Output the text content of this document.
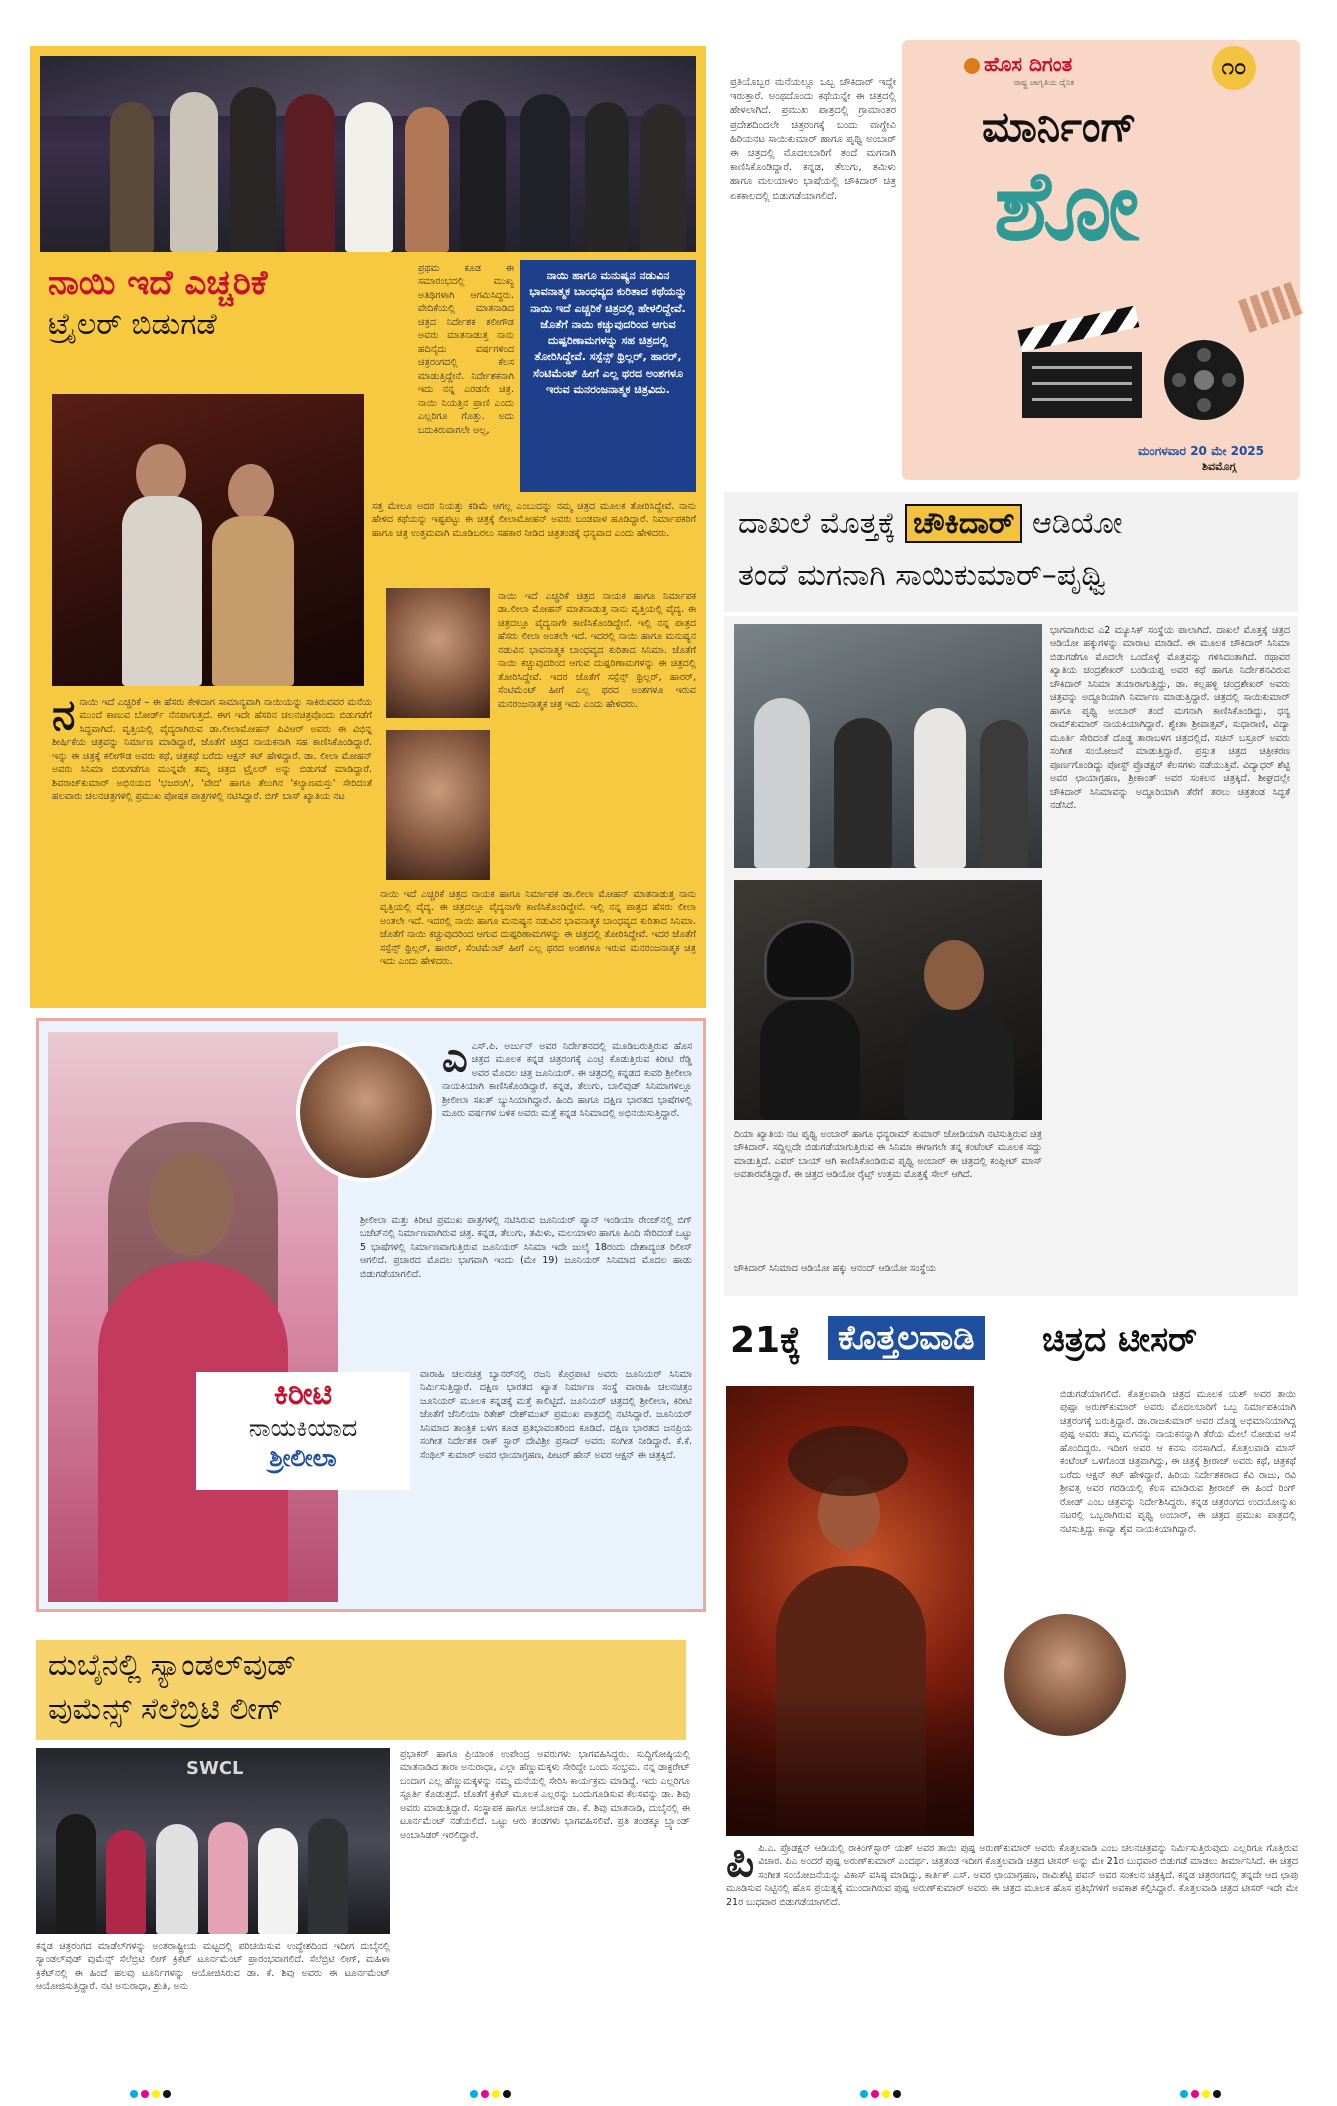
ನಾಯಿ ಇದೆ ಎಚ್ಚರಿಕೆ
ಟ್ರೈಲರ್ ಬಿಡುಗಡೆ

ನಾಯಿ ಹಾಗೂ ಮನುಷ್ಯನ ನಡುವಿನ ಭಾವನಾತ್ಮಕ ಬಾಂಧವ್ಯದ ಕುರಿತಾದ ಕಥೆಯನ್ನು ನಾಯಿ ಇದೆ ಎಚ್ಚರಿಕೆ ಚಿತ್ರದಲ್ಲಿ ಹೇಳಲಿದ್ದೇವೆ. ಜೊತೆಗೆ ನಾಯಿ ಕಚ್ಚುವುದರಿಂದ ಆಗುವ ದುಷ್ಪರಿಣಾಮಗಳನ್ನು ಸಹ ಚಿತ್ರದಲ್ಲಿ ತೋರಿಸಿದ್ದೇವೆ. ಸಸ್ಪೆನ್ಸ್ ಥ್ರಿಲ್ಲರ್, ಹಾರರ್, ಸೆಂಟಿಮೆಂಟ್ ಹೀಗೆ ಎಲ್ಲ ಥರದ ಅಂಶಗಳೂ ಇರುವ ಮನರಂಜನಾತ್ಮಕ ಚಿತ್ರವಿದು.

ಪ್ರಥಮ ಕೂಡ ಈ ಸಮಾರಂಭದಲ್ಲಿ ಮುಖ್ಯ ಅತಿಥಿಗಳಾಗಿ ಆಗಮಿಸಿದ್ದರು. ವೇದಿಕೆಯಲ್ಲಿ ಮಾತನಾಡಿದ ಚಿತ್ರದ ನಿರ್ದೇಶಕ ಕಲೀಗೌಡ ಅವರು ಮಾತನಾಡುತ್ತ ನಾನು ಹದಿನೈದು ವರ್ಷಗಳಿಂದ ಚಿತ್ರರಂಗದಲ್ಲಿ ಕೆಲಸ ಮಾಡುತ್ತಿದ್ದೇನೆ. ನಿರ್ದೇಶಕನಾಗಿ ಇದು ನನ್ನ ಎರಡನೇ ಚಿತ್ರ. ನಾಯಿ ನಿಯತ್ತಿನ ಪ್ರಾಣಿ ಎಂದು ಎಲ್ಲರಿಗೂ ಗೊತ್ತು. ಅದು ಬದುಕಿರುವಾಗಲೇ ಅಲ್ಲ,
ಸತ್ತ ಮೇಲೂ ಅದರ ನಿಯತ್ತು ಕಡಿಮೆ ಆಗಲ್ಲ ಎಂಬುದನ್ನು ನಮ್ಮ ಚಿತ್ರದ ಮೂಲಕ ತೋರಿಸಿದ್ದೇವೆ. ನಾನು ಹೇಳಿದ ಕಥೆಯನ್ನು ಇಷ್ಟಪಟ್ಟು ಈ ಚಿತ್ರಕ್ಕೆ ಲೀಲಾಮೋಹನ್ ಅವರು ಬಂಡವಾಳ ಹೂಡಿದ್ದಾರೆ. ನಿರ್ಮಾಪಕರಿಗೆ ಹಾಗೂ ಚಿತ್ರ ಉತ್ತಮವಾಗಿ ಮೂಡಿಬರಲು ಸಹಕಾರ ನೀಡಿದ ಚಿತ್ರತಂಡಕ್ಕೆ ಧನ್ಯವಾದ ಎಂದು ಹೇಳಿದರು.
ನಾಯಿ ಇದೆ ಎಚ್ಚರಿಕೆ ಚಿತ್ರದ ನಾಯಕ ಹಾಗೂ ನಿರ್ಮಾಪಕ ಡಾ.ಲೀಲಾ ಮೋಹನ್ ಮಾತನಾಡುತ್ತ ನಾನು ವೃತ್ತಿಯಲ್ಲಿ ವೈದ್ಯ. ಈ ಚಿತ್ರದಲ್ಲೂ ವೈದ್ಯನಾಗೇ ಕಾಣಿಸಿಕೊಂಡಿದ್ದೇನೆ. ಇಲ್ಲಿ ನನ್ನ ಪಾತ್ರದ ಹೆಸರು ಲೀಲಾ ಅಂತಲೇ ಇದೆ. ಇದರಲ್ಲಿ ನಾಯಿ ಹಾಗೂ ಮನುಷ್ಯನ ನಡುವಿನ ಭಾವನಾತ್ಮಕ ಬಾಂಧವ್ಯದ ಕುರಿತಾದ ಸಿನಿಮಾ. ಜೊತೆಗೆ ನಾಯಿ ಕಚ್ಚುವುದರಿಂದ ಆಗುವ ದುಷ್ಪರಿಣಾಮಗಳನ್ನು ಈ ಚಿತ್ರದಲ್ಲಿ ತೋರಿಸಿದ್ದೇವೆ. ಇದರ ಜೊತೆಗೆ ಸಸ್ಪೆನ್ಸ್ ಥ್ರಿಲ್ಲರ್, ಹಾರರ್, ಸೆಂಟಿಮೆಂಟ್ ಹೀಗೆ ಎಲ್ಲ ಥರದ ಅಂಶಗಳೂ ಇರುವ ಮನರಂಜನಾತ್ಮಕ ಚಿತ್ರ ಇದು ಎಂದು ಹೇಳಿದರು.
ನ ನಾಯಿ ಇದೆ ಎಚ್ಚರಿಕೆ – ಈ ಹೆಸರು ಕೇಳಿದಾಗ ಸಾಮಾನ್ಯವಾಗಿ ನಾಯಿಯನ್ನು ಸಾಕಿರುವವರ ಮನೆಯ ಮುಂದೆ ಕಾಣುವ ಬೋರ್ಡ್ ನೆನಪಾಗುತ್ತದೆ. ಈಗ ಇದೇ ಹೆಸರಿನ ಚಲನಚಿತ್ರವೊಂದು ಬಿಡುಗಡೆಗೆ ಸಿದ್ಧವಾಗಿದೆ. ವೃತ್ತಿಯಲ್ಲಿ ವೈದ್ಯರಾಗಿರುವ ಡಾ.ಲೀಲಾಮೋಹನ್ ಪಿವಿಆರ್ ಅವರು ಈ ವಿಭಿನ್ನ ಶೀರ್ಷಿಕೆಯ ಚಿತ್ರವನ್ನು ನಿರ್ಮಾಣ ಮಾಡಿದ್ದಾರೆ, ಜೊತೆಗೆ ಚಿತ್ರದ ನಾಯಕನಾಗಿ ಸಹ ಕಾಣಿಸಿಕೊಂಡಿದ್ದಾರೆ. ಇನ್ನು ಈ ಚಿತ್ರಕ್ಕೆ ಕಲೀಗೌಡ ಅವರು ಕಥೆ, ಚಿತ್ರಕಥೆ ಬರೆದು ಆಕ್ಷನ್ ಕಟ್ ಹೇಳಿದ್ದಾರೆ. ಡಾ. ಲೀಲಾ ಮೋಹನ್ ಅವರು ಸಿನಿಮಾ ಬಿಡುಗಡೆಗೂ ಮುನ್ನವೇ ತಮ್ಮ ಚಿತ್ರದ ಟ್ರೈಲರ್ ಅನ್ನು ಬಿಡುಗಡೆ ಮಾಡಿದ್ದಾರೆ. ಶಿವರಾಜ್‌ಕುಮಾರ್ ಅಭಿನಯದ 'ಭಜರಂಗಿ', 'ವೇದ' ಹಾಗೂ ತೆಲುಗಿನ 'ಕಲ್ಯಾಣಮಸ್ತು' ಸೇರಿದಂತೆ ಹಲವಾರು ಚಲನಚಿತ್ರಗಳಲ್ಲಿ ಪ್ರಮುಖ ಪೋಷಕ ಪಾತ್ರಗಳಲ್ಲಿ ನಟಿಸಿದ್ದಾರೆ. ಬಿಗ್ ಬಾಸ್ ಖ್ಯಾತಿಯ ನಟ
ನಾಯಿ ಇದೆ ಎಚ್ಚರಿಕೆ ಚಿತ್ರದ ನಾಯಕ ಹಾಗೂ ನಿರ್ಮಾಪಕ ಡಾ.ಲೀಲಾ ಮೋಹನ್ ಮಾತನಾಡುತ್ತ ನಾನು ವೃತ್ತಿಯಲ್ಲಿ ವೈದ್ಯ. ಈ ಚಿತ್ರದಲ್ಲೂ ವೈದ್ಯನಾಗೇ ಕಾಣಿಸಿಕೊಂಡಿದ್ದೇನೆ. ಇಲ್ಲಿ ನನ್ನ ಪಾತ್ರದ ಹೆಸರು ಲೀಲಾ ಅಂತಲೇ ಇದೆ. ಇದರಲ್ಲಿ ನಾಯಿ ಹಾಗೂ ಮನುಷ್ಯನ ನಡುವಿನ ಭಾವನಾತ್ಮಕ ಬಾಂಧವ್ಯದ ಕುರಿತಾದ ಸಿನಿಮಾ. ಜೊತೆಗೆ ನಾಯಿ ಕಚ್ಚುವುದರಿಂದ ಆಗುವ ದುಷ್ಪರಿಣಾಮಗಳನ್ನು ಈ ಚಿತ್ರದಲ್ಲಿ ತೋರಿಸಿದ್ದೇವೆ. ಇದರ ಜೊತೆಗೆ ಸಸ್ಪೆನ್ಸ್ ಥ್ರಿಲ್ಲರ್, ಹಾರರ್, ಸೆಂಟಿಮೆಂಟ್ ಹೀಗೆ ಎಲ್ಲ ಥರದ ಅಂಶಗಳೂ ಇರುವ ಮನರಂಜನಾತ್ಮಕ ಚಿತ್ರ ಇದು ಎಂದು ಹೇಳಿದರು.
ಕಿರೀಟಿ
ನಾಯಕಿಯಾದ
ಶ್ರೀಲೀಲಾ
ಎ ಎಸ್.ಪಿ. ಅರ್ಜುನ್ ಅವರ ನಿರ್ದೇಶನದಲ್ಲಿ ಮೂಡಿಬರುತ್ತಿರುವ ಹೊಸ ಚಿತ್ರದ ಮೂಲಕ ಕನ್ನಡ ಚಿತ್ರರಂಗಕ್ಕೆ ಎಂಟ್ರಿ ಕೊಡುತ್ತಿರುವ ಕಿರೀಟಿ ರೆಡ್ಡಿ ಅವರ ಮೊದಲ ಚಿತ್ರ ಜೂನಿಯರ್. ಈ ಚಿತ್ರದಲ್ಲಿ ಕನ್ನಡದ ಕುವರಿ ಶ್ರೀಲೀಲಾ ನಾಯಕಿಯಾಗಿ ಕಾಣಿಸಿಕೊಂಡಿದ್ದಾರೆ. ಕನ್ನಡ, ತೆಲುಗು, ಬಾಲಿವುಡ್ ಸಿನಿಮಾಗಳಲ್ಲೂ ಶ್ರೀಲೀಲಾ ಸಖತ್ ಬ್ಯುಸಿಯಾಗಿದ್ದಾರೆ. ಹಿಂದಿ ಹಾಗೂ ದಕ್ಷಿಣ ಭಾರತದ ಭಾಷೆಗಳಲ್ಲಿ ಮೂರು ವರ್ಷಗಳ ಬಳಿಕ ಅವರು ಮತ್ತೆ ಕನ್ನಡ ಸಿನಿಮಾದಲ್ಲಿ ಅಭಿನಯಿಸುತ್ತಿದ್ದಾರೆ.
ಶ್ರೀಲೀಲಾ ಮತ್ತು ಕಿರೀಟಿ ಪ್ರಮುಖ ಪಾತ್ರಗಳಲ್ಲಿ ನಟಿಸಿರುವ ಜೂನಿಯರ್ ಪ್ಯಾನ್ ಇಂಡಿಯಾ ರೇಂಜ್‌ನಲ್ಲಿ ಬಿಗ್ ಬಜೆಟ್‌ನಲ್ಲಿ ನಿರ್ಮಾಣವಾಗಿರುವ ಚಿತ್ರ. ಕನ್ನಡ, ತೆಲುಗು, ತಮಿಳು, ಮಲಯಾಳಂ ಹಾಗೂ ಹಿಂದಿ ಸೇರಿದಂತೆ ಒಟ್ಟು 5 ಭಾಷೆಗಳಲ್ಲಿ ನಿರ್ಮಾಣವಾಗುತ್ತಿರುವ ಜೂನಿಯರ್ ಸಿನಿಮಾ ಇದೇ ಜುಲೈ 18ರಂದು ದೇಶಾದ್ಯಂತ ರಿಲೀಸ್ ಆಗಲಿದೆ. ಪ್ರಚಾರದ ಮೊದಲ ಭಾಗವಾಗಿ ಇಂದು (ಮೇ 19) ಜೂನಿಯರ್ ಸಿನಿಮಾದ ಮೊದಲ ಹಾಡು ಬಿಡುಗಡೆಯಾಗಲಿದೆ.
ವಾರಾಹಿ ಚಲನಚಿತ್ರ ಬ್ಯಾನರ್‌ನಲ್ಲಿ ರಜನಿ ಕೊರ್ರಪಾಟಿ ಅವರು ಜೂನಿಯರ್ ಸಿನಿಮಾ ನಿರ್ಮಿಸುತ್ತಿದ್ದಾರೆ. ದಕ್ಷಿಣ ಭಾರತದ ಖ್ಯಾತ ನಿರ್ಮಾಣ ಸಂಸ್ಥೆ ವಾರಾಹಿ ಚಲನಚಿತ್ರಂ ಜೂನಿಯರ್ ಮೂಲಕ ಕನ್ನಡಕ್ಕೆ ಮತ್ತೆ ಕಾಲಿಟ್ಟಿದೆ. ಜೂನಿಯರ್ ಚಿತ್ರದಲ್ಲಿ ಶ್ರೀಲೀಲಾ, ಕಿರೀಟಿ ಜೊತೆಗೆ ಜೆನಿಲಿಯಾ ರಿತೇಶ್ ದೇಶ್‌ಮುಖ್ ಪ್ರಮುಖ ಪಾತ್ರದಲ್ಲಿ ನಟಿಸಿದ್ದಾರೆ. ಜೂನಿಯರ್ ಸಿನಿಮಾದ ತಾಂತ್ರಿಕ ಬಳಗ ಕೂಡ ಪ್ರತಿಭಾವಂತರಿಂದ ಕೂಡಿದೆ. ದಕ್ಷಿಣ ಭಾರತದ ಜನಪ್ರಿಯ ಸಂಗೀತ ನಿರ್ದೇಶಕ ರಾಕ್ ಸ್ಟಾರ್ ದೇವಿಶ್ರೀ ಪ್ರಸಾದ್ ಅವರು ಸಂಗೀತ ನೀಡಿದ್ದಾರೆ. ಕೆ.ಕೆ. ಸೆಂಥಿಲ್ ಕುಮಾರ್ ಅವರ ಛಾಯಾಗ್ರಹಣ, ಪೀಟರ್ ಹೇನ್ ಅವರ ಆಕ್ಷನ್ ಈ ಚಿತ್ರಕ್ಕಿದೆ.
ದುಬೈನಲ್ಲಿ ಸ್ಯಾಂಡಲ್‌ವುಡ್
ವುಮೆನ್ಸ್ ಸೆಲೆಬ್ರಿಟಿ ಲೀಗ್
SWCL
ಕನ್ನಡ ಚಿತ್ರರಂಗದ ಮಾಡೆಲ್‌ಗಳನ್ನು ಅಂತರಾಷ್ಟ್ರೀಯ ಮಟ್ಟದಲ್ಲಿ ಪರಿಚಯಿಸುವ ಉದ್ದೇಶದಿಂದ ಇದೀಗ ದುಬೈನಲ್ಲಿ ಸ್ಯಾಂಡಲ್‌ವುಡ್ ವುಮೆನ್ಸ್ ಸೆಲೆಬ್ರಿಟಿ ಲೀಗ್ ಕ್ರಿಕೆಟ್ ಟೂರ್ನಮೆಂಟ್ ಪ್ರಾರಂಭವಾಗಲಿದೆ. ಸೆಲೆಬ್ರಿಟಿ ಲೀಗ್, ಮಹಿಳಾ ಕ್ರಿಕೆಟ್‌ನಲ್ಲಿ ಈ ಹಿಂದೆ ಹಲವು ಟೂರ್ನಿಗಳನ್ನು ಆಯೋಜಿಸಿರುವ ಡಾ. ಕೆ. ಶಿವು ಅವರು ಈ ಟೂರ್ನಮೆಂಟ್ ಆಯೋಜಿಸುತ್ತಿದ್ದಾರೆ. ನಟಿ ಅನುರಾಧಾ, ಶ್ರುತಿ, ಅನು
ಪ್ರಭಾಕರ್ ಹಾಗೂ ಪ್ರಿಯಾಂಕ ಉಪೇಂದ್ರ ಅವರುಗಳು ಭಾಗವಹಿಸಿದ್ದರು. ಸುದ್ದಿಗೋಷ್ಠಿಯಲ್ಲಿ ಮಾತನಾಡಿದ ತಾರಾ ಅನುರಾಧಾ, ಎಲ್ಲಾ ಹೆಣ್ಣುಮಕ್ಕಳು ಸೇರಿದ್ದೇ ಒಂದು ಸಂಭ್ರಮ. ನನ್ನ ಡಾಕ್ಟರೇಟ್ ಬಂದಾಗ ಎಲ್ಲ ಹೆಣ್ಣುಮಕ್ಕಳನ್ನು ನಮ್ಮ ಮನೆಯಲ್ಲಿ ಸೇರಿಸಿ ಕಾರ್ಯಕ್ರಮ ಮಾಡಿದ್ದೆ. ಇದು ಎಲ್ಲರಿಗೂ ಸ್ಫೂರ್ತಿ ಕೊಡುತ್ತದೆ. ಜೊತೆಗೆ ಕ್ರಿಕೆಟ್ ಮೂಲಕ ಎಲ್ಲರನ್ನು ಒಂದುಗೂಡಿಸುವ ಕೆಲಸವನ್ನು ಡಾ. ಶಿವು ಅವರು ಮಾಡುತ್ತಿದ್ದಾರೆ. ಸಂಸ್ಥಾಪಕ ಹಾಗೂ ಆಯೋಜಕ ಡಾ. ಕೆ. ಶಿವು ಮಾತನಾಡಿ, ದುಬೈನಲ್ಲಿ ಈ ಟೂರ್ನಮೆಂಟ್ ನಡೆಯಲಿದೆ. ಒಟ್ಟು ಆರು ತಂಡಗಳು ಭಾಗವಹಿಸಲಿವೆ. ಪ್ರತಿ ತಂಡಕ್ಕೂ ಬ್ರ್ಯಾಂಡ್ ಅಂಬಾಸಿಡರ್ ಇರಲಿದ್ದಾರೆ.
ಪ್ರತಿಯೊಬ್ಬರ ಮನೆಯಲ್ಲೂ ಒಬ್ಬ ಚೌಕಿದಾರ್ ಇದ್ದೇ ಇರುತ್ತಾರೆ. ಅಂಥದೊಂದು ಕಥೆಯನ್ನೇ ಈ ಚಿತ್ರದಲ್ಲಿ ಹೇಳಲಾಗಿದೆ. ಪ್ರಮುಖ ಪಾತ್ರದಲ್ಲಿ ಗ್ರಾಮಾಂತರ ಪ್ರದೇಶದಿಂದಲೇ ಚಿತ್ರರಂಗಕ್ಕೆ ಬಂದು ವಾಗ್ದೇವಿ ಹಿರಿಯನಟ ಸಾಯಿಕುಮಾರ್ ಹಾಗೂ ಪೃಥ್ವಿ ಅಂಬಾರ್ ಈ ಚಿತ್ರದಲ್ಲಿ ಮೊದಲಬಾರಿಗೆ ತಂದೆ ಮಗನಾಗಿ ಕಾಣಿಸಿಕೊಂಡಿದ್ದಾರೆ. ಕನ್ನಡ, ತೆಲುಗು, ತಮಿಳು ಹಾಗೂ ಮಲಯಾಳಂ ಭಾಷೆಯಲ್ಲಿ ಚೌಕಿದಾರ್ ಚಿತ್ರ ಏಕಕಾಲದಲ್ಲಿ ಬಿಡುಗಡೆಯಾಗಲಿದೆ.
ಹೊಸ ದಿಗಂತ
ರಾಷ್ಟ್ರ ಜಾಗೃತಿಯ ದೈನಿಕ
೧೦
ಮಾರ್ನಿಂಗ್
ಶೋ
ಮಂಗಳವಾರ 20 ಮೇ 2025
ಶಿವಮೊಗ್ಗ
ದಾಖಲೆ ಮೊತ್ತಕ್ಕೆ ಚೌಕಿದಾರ್ ಆಡಿಯೋ
ತಂದೆ ಮಗನಾಗಿ ಸಾಯಿಕುಮಾರ್–ಪೃಥ್ವಿ
ದಿಯಾ ಖ್ಯಾತಿಯ ನಟ ಪೃಥ್ವಿ ಅಂಬಾರ್ ಹಾಗೂ ಧನ್ಯರಾಮ್ ಕುಮಾರ್ ಜೋಡಿಯಾಗಿ ನಟಿಸುತ್ತಿರುವ ಚಿತ್ರ ಚೌಕಿದಾರ್. ಸದ್ದಿಲ್ಲದೇ ಬಿಡುಗಡೆಯಾಗುತ್ತಿರುವ ಈ ಸಿನಿಮಾ ಈಗಾಗಲೇ ತನ್ನ ಕಂಟೆಂಟ್ ಮೂಲಕ ಸದ್ದು ಮಾಡುತ್ತಿದೆ. ಎವರ್ ಬಾಯ್ ಆಗಿ ಕಾಣಿಸಿಕೊಂಡಿರುವ ಪೃಥ್ವಿ ಅಂಬಾರ್ ಈ ಚಿತ್ರದಲ್ಲಿ ಕಂಪ್ಲೀಟ್ ಮಾಸ್ ಅವತಾರವೆತ್ತಿದ್ದಾರೆ. ಈ ಚಿತ್ರದ ಆಡಿಯೋ ರೈಟ್ಸ್ ಉತ್ತಮ ಮೊತ್ತಕ್ಕೆ ಸೇಲ್ ಆಗಿದೆ.
ಚೌಕಿದಾರ್ ಸಿನಿಮಾದ ಆಡಿಯೋ ಹಕ್ಕು ಆನಂದ್ ಆಡಿಯೋ ಸಂಸ್ಥೆಯ
ಭಾಗವಾಗಿರುವ ಎ2 ಮ್ಯೂಸಿಕ್ ಸಂಸ್ಥೆಯ ಪಾಲಾಗಿದೆ. ದಾಖಲೆ ಮೊತ್ತಕ್ಕೆ ಚಿತ್ರದ ಆಡಿಯೋ ಹಕ್ಕುಗಳನ್ನು ಮಾರಾಟ ಮಾಡಿದೆ. ಈ ಮೂಲಕ ಚೌಕಿದಾರ್ ಸಿನಿಮಾ ಬಿಡುಗಡೆಗೂ ಮೊದಲೇ ಒಂದೊಳ್ಳೆ ಮೊತ್ತವನ್ನು ಗಳಿಸಿದಂತಾಗಿದೆ. ರಥಾವರ ಖ್ಯಾತಿಯ ಚಂದ್ರಶೇಖರ್ ಬಂಡಿಯಪ್ಪ ಅವರ ಕಥೆ ಹಾಗೂ ನಿರ್ದೇಶನವಿರುವ ಚೌಕಿದಾರ್ ಸಿನಿಮಾ ತಯಾರಾಗುತ್ತಿದ್ದು, ಡಾ. ಕಲ್ಲಹಳ್ಳಿ ಚಂದ್ರಶೇಖರ್ ಅವರು ಚಿತ್ರವನ್ನು ಅದ್ದೂರಿಯಾಗಿ ನಿರ್ಮಾಣ ಮಾಡುತ್ತಿದ್ದಾರೆ. ಚಿತ್ರದಲ್ಲಿ ಸಾಯಿಕುಮಾರ್ ಹಾಗೂ ಪೃಥ್ವಿ ಅಂಬಾರ್ ತಂದೆ ಮಗನಾಗಿ ಕಾಣಿಸಿಕೊಂಡಿದ್ದು, ಧನ್ಯ ರಾಮ್‌ಕುಮಾರ್ ನಾಯಕಿಯಾಗಿದ್ದಾರೆ. ಶ್ವೇತಾ ಶ್ರೀವಾತ್ಸವ್, ಸುಧಾರಾಣಿ, ವಿದ್ಯಾ ಮೂರ್ತಿ ಸೇರಿದಂತೆ ದೊಡ್ಡ ತಾರಾಬಳಗ ಚಿತ್ರದಲ್ಲಿದೆ. ಸಚಿನ್ ಬಸ್ರೂರ್ ಅವರು ಸಂಗೀತ ಸಂಯೋಜನೆ ಮಾಡುತ್ತಿದ್ದಾರೆ. ಪ್ರಸ್ತುತ ಚಿತ್ರದ ಚಿತ್ರೀಕರಣ ಪೂರ್ಣಗೊಂಡಿದ್ದು ಪೋಸ್ಟ್ ಪ್ರೊಡಕ್ಷನ್ ಕೆಲಸಗಳು ನಡೆಯುತ್ತಿವೆ. ವಿದ್ಯಾಧರ್ ಶೆಟ್ಟಿ ಅವರ ಛಾಯಾಗ್ರಹಣ, ಶ್ರೀಕಾಂತ್ ಅವರ ಸಂಕಲನ ಚಿತ್ರಕ್ಕಿದೆ. ಶೀಘ್ರದಲ್ಲೇ ಚೌಕಿದಾರ್ ಸಿನಿಮಾವನ್ನು ಅದ್ದೂರಿಯಾಗಿ ತೆರೆಗೆ ತರಲು ಚಿತ್ರತಂಡ ಸಿದ್ಧತೆ ನಡೆಸಿದೆ.
21ಕ್ಕೆ ಕೊತ್ತಲವಾಡಿ ಚಿತ್ರದ ಟೀಸರ್
ಬಿಡುಗಡೆಯಾಗಲಿದೆ. ಕೊತ್ತಲವಾಡಿ ಚಿತ್ರದ ಮೂಲಕ ಯಶ್ ಅವರ ತಾಯಿ ಪುಷ್ಪಾ ಅರುಣ್‌ಕುಮಾರ್ ಅವರು ಮೊದಲಬಾರಿಗೆ ಒಬ್ಬ ನಿರ್ಮಾಪಕಿಯಾಗಿ ಚಿತ್ರರಂಗಕ್ಕೆ ಬರುತ್ತಿದ್ದಾರೆ. ಡಾ.ರಾಜಕುಮಾರ್ ಅವರ ದೊಡ್ಡ ಅಭಿಮಾನಿಯಾಗಿದ್ದ ಪುಷ್ಪ ಅವರು ತಮ್ಮ ಮಗನನ್ನು ನಾಯಕನನ್ನಾಗಿ ತೆರೆಯ ಮೇಲೆ ನೋಡುವ ಆಸೆ ಹೊಂದಿದ್ದರು. ಇದೀಗ ಅವರ ಆ ಕನಸು ನನಸಾಗಿದೆ. ಕೊತ್ತಲವಾಡಿ ಮಾಸ್ ಕಂಟೆಂಟ್ ಒಳಗೊಂಡ ಚಿತ್ರವಾಗಿದ್ದು, ಈ ಚಿತ್ರಕ್ಕೆ ಶ್ರೀರಾಜ್ ಅವರು ಕಥೆ, ಚಿತ್ರಕಥೆ ಬರೆದು ಆಕ್ಷನ್ ಕಟ್ ಹೇಳಿದ್ದಾರೆ. ಹಿರಿಯ ನಿರ್ದೇಶಕರಾದ ಕೆವಿ ರಾಜು, ರವಿ ಶ್ರೀವತ್ಸ ಅವರ ಗರಡಿಯಲ್ಲಿ ಕೆಲಸ ಮಾಡಿರುವ ಶ್ರೀರಾಜ್ ಈ ಹಿಂದೆ ರಿಂಗ್ ರೋಡ್ ಎಂಬ ಚಿತ್ರವನ್ನು ನಿರ್ದೇಶಿಸಿದ್ದರು. ಕನ್ನಡ ಚಿತ್ರರಂಗದ ಉದಯೋನ್ಮುಖ ನಟರಲ್ಲಿ ಒಬ್ಬರಾಗಿರುವ ಪೃಥ್ವಿ ಅಂಬಾರ್, ಈ ಚಿತ್ರದ ಪ್ರಮುಖ ಪಾತ್ರದಲ್ಲಿ ನಟಿಸುತ್ತಿದ್ದು ಕಾವ್ಯಾ ಶೈವ ನಾಯಕಿಯಾಗಿದ್ದಾರೆ.
ಪಿ ಪಿ.ಎ. ಪ್ರೊಡಕ್ಷನ್ ಆಡಿಯಲ್ಲಿ ರಾಕಿಂಗ್‌ಸ್ಟಾರ್ ಯಶ್ ಅವರ ತಾಯಿ ಪುಷ್ಪ ಅರುಣ್‌ಕುಮಾರ್ ಅವರು ಕೊತ್ತಲವಾಡಿ ಎಂಬ ಚಲನಚಿತ್ರವನ್ನು ನಿರ್ಮಿಸುತ್ತಿರುವುದು ಎಲ್ಲರಿಗೂ ಗೊತ್ತಿರುವ ವಿಚಾರ. ಪಿಎ ಅಂದರೆ ಪುಷ್ಪ ಅರುಣ್‌ಕುಮಾರ್ ಎಂದರ್ಥ. ಚಿತ್ರತಂಡ ಇದೀಗ ಕೊತ್ತಲವಾಡಿ ಚಿತ್ರದ ಟೀಸರ್ ಅನ್ನು ಮೇ 21ರ ಬುಧವಾರ ಬಿಡುಗಡೆ ಮಾಡಲು ತೀರ್ಮಾನಿಸಿದೆ. ಈ ಚಿತ್ರದ ಸಂಗೀತ ಸಂಯೋಜನೆಯನ್ನು ವಿಕಾಸ್ ವಸಿಷ್ಠ ಮಾಡಿದ್ದು, ಕಾರ್ತಿಕ್ ಎಸ್. ಅವರ ಛಾಯಾಗ್ರಹಣ, ರಾಮಿಶೆಟ್ಟಿ ಪವನ್ ಅವರ ಸಂಕಲನ ಚಿತ್ರಕ್ಕಿದೆ. ಕನ್ನಡ ಚಿತ್ರರಂಗದಲ್ಲಿ ತನ್ನದೇ ಆದ ಛಾಪು ಮೂಡಿಸುವ ನಿಟ್ಟಿನಲ್ಲಿ ಹೊಸ ಪ್ರಯತ್ನಕ್ಕೆ ಮುಂದಾಗಿರುವ ಪುಷ್ಪ ಅರುಣ್‌ಕುಮಾರ್ ಅವರು ಈ ಚಿತ್ರದ ಮೂಲಕ ಹೊಸ ಪ್ರತಿಭೆಗಳಿಗೆ ಅವಕಾಶ ಕಲ್ಪಿಸಿದ್ದಾರೆ. ಕೊತ್ತಲವಾಡಿ ಚಿತ್ರದ ಟೀಸರ್ ಇದೇ ಮೇ 21ರ ಬುಧವಾರ ಬಿಡುಗಡೆಯಾಗಲಿದೆ.
